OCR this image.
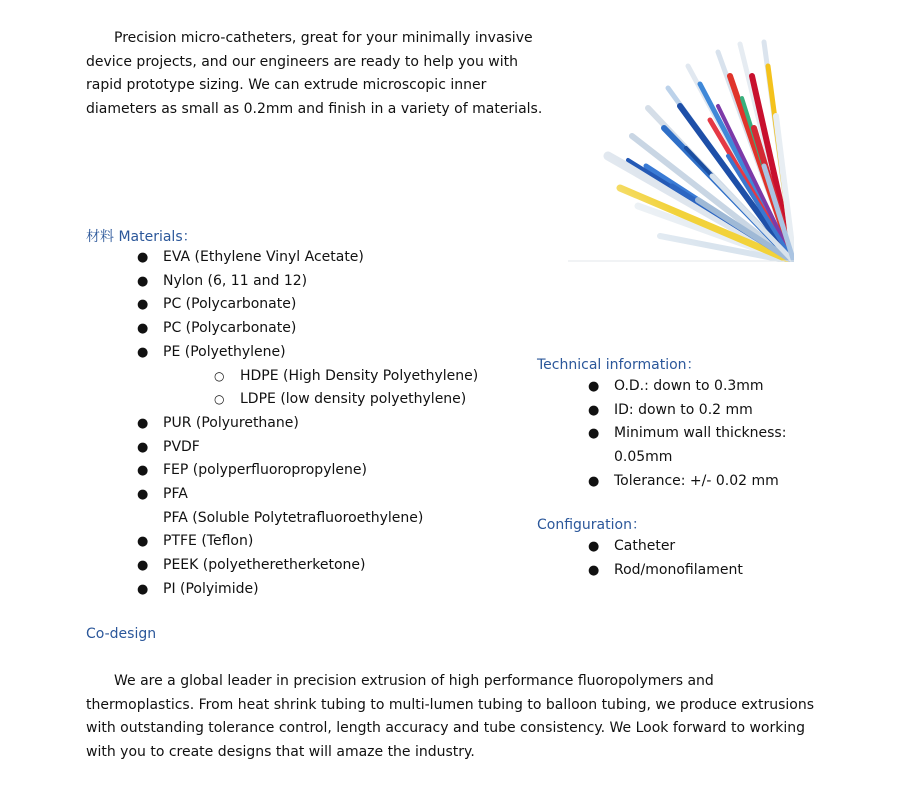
Precision micro-catheters, great for your minimally invasive device projects, and our engineers are ready to help you with rapid prototype sizing. We can extrude microscopic inner diameters as small as 0.2mm and finish in a variety of materials.

材料 Materials：
● EVA (Ethylene Vinyl Acetate)
● Nylon (6, 11 and 12)
● PC (Polycarbonate)
● PC (Polycarbonate)
● PE (Polyethylene)
○ HDPE (High Density Polyethylene)
○ LDPE (low density polyethylene)
● PUR (Polyurethane)
● PVDF
● FEP (polyperfluoropropylene)
● PFA
PFA (Soluble Polytetrafluoroethylene)
● PTFE (Teflon)
● PEEK (polyetheretherketone)
● PI (Polyimide)
Technical information：
● O.D.: down to 0.3mm
● ID: down to 0.2 mm
● Minimum wall thickness:
0.05mm
● Tolerance: +/- 0.02 mm
Configuration：
● Catheter
● Rod/monofilament
Co-design

We are a global leader in precision extrusion of high performance fluoropolymers and thermoplastics. From heat shrink tubing to multi-lumen tubing to balloon tubing, we produce extrusions with outstanding tolerance control, length accuracy and tube consistency. We Look forward to working with you to create designs that will amaze the industry.
